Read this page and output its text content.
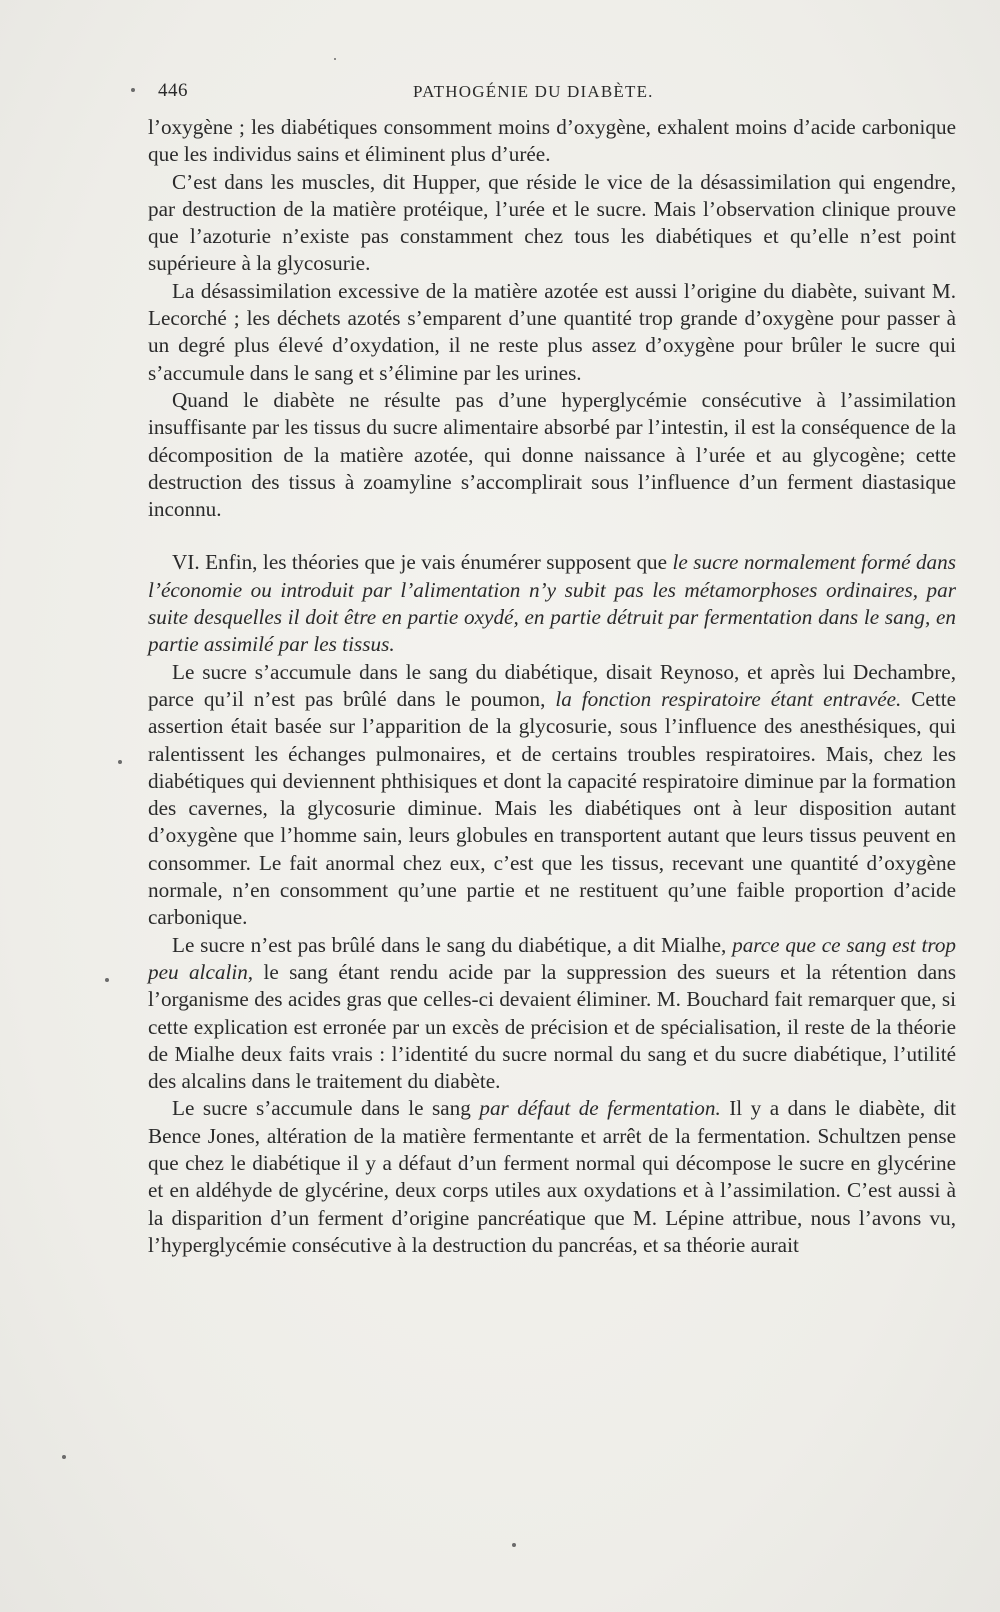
446	PATHOGÉNIE DU DIABÈTE.

l’oxygène ; les diabétiques consomment moins d’oxygène, exhalent moins d’acide carbonique que les individus sains et éliminent plus d’urée.

C’est dans les muscles, dit Hupper, que réside le vice de la désassimilation qui engendre, par destruction de la matière protéique, l’urée et le sucre. Mais l’observation clinique prouve que l’azoturie n’existe pas constamment chez tous les diabétiques et qu’elle n’est point supérieure à la glycosurie.

La désassimilation excessive de la matière azotée est aussi l’origine du diabète, suivant M. Lecorché ; les déchets azotés s’emparent d’une quantité trop grande d’oxygène pour passer à un degré plus élevé d’oxydation, il ne reste plus assez d’oxygène pour brûler le sucre qui s’accumule dans le sang et s’élimine par les urines.

Quand le diabète ne résulte pas d’une hyperglycémie consécutive à l’assimilation insuffisante par les tissus du sucre alimentaire absorbé par l’intestin, il est la conséquence de la décomposition de la matière azotée, qui donne naissance à l’urée et au glycogène; cette destruction des tissus à zoamyline s’accomplirait sous l’influence d’un ferment diastasique inconnu.

VI. Enfin, les théories que je vais énumérer supposent que le sucre normalement formé dans l’économie ou introduit par l’alimentation n’y subit pas les métamorphoses ordinaires, par suite desquelles il doit être en partie oxydé, en partie détruit par fermentation dans le sang, en partie assimilé par les tissus.

Le sucre s’accumule dans le sang du diabétique, disait Reynoso, et après lui Dechambre, parce qu’il n’est pas brûlé dans le poumon, la fonction respiratoire étant entravée. Cette assertion était basée sur l’apparition de la glycosurie, sous l’influence des anesthésiques, qui ralentissent les échanges pulmonaires, et de certains troubles respiratoires. Mais, chez les diabétiques qui deviennent phthisiques et dont la capacité respiratoire diminue par la formation des cavernes, la glycosurie diminue. Mais les diabétiques ont à leur disposition autant d’oxygène que l’homme sain, leurs globules en transportent autant que leurs tissus peuvent en consommer. Le fait anormal chez eux, c’est que les tissus, recevant une quantité d’oxygène normale, n’en consomment qu’une partie et ne restituent qu’une faible proportion d’acide carbonique.

Le sucre n’est pas brûlé dans le sang du diabétique, a dit Mialhe, parce que ce sang est trop peu alcalin, le sang étant rendu acide par la suppression des sueurs et la rétention dans l’organisme des acides gras que celles-ci devaient éliminer. M. Bouchard fait remarquer que, si cette explication est erronée par un excès de précision et de spécialisation, il reste de la théorie de Mialhe deux faits vrais : l’identité du sucre normal du sang et du sucre diabétique, l’utilité des alcalins dans le traitement du diabète.

Le sucre s’accumule dans le sang par défaut de fermentation. Il y a dans le diabète, dit Bence Jones, altération de la matière fermentante et arrêt de la fermentation. Schultzen pense que chez le diabétique il y a défaut d’un ferment normal qui décompose le sucre en glycérine et en aldéhyde de glycérine, deux corps utiles aux oxydations et à l’assimilation. C’est aussi à la disparition d’un ferment d’origine pancréatique que M. Lépine attribue, nous l’avons vu, l’hyperglycémie consécutive à la destruction du pancréas, et sa théorie aurait
